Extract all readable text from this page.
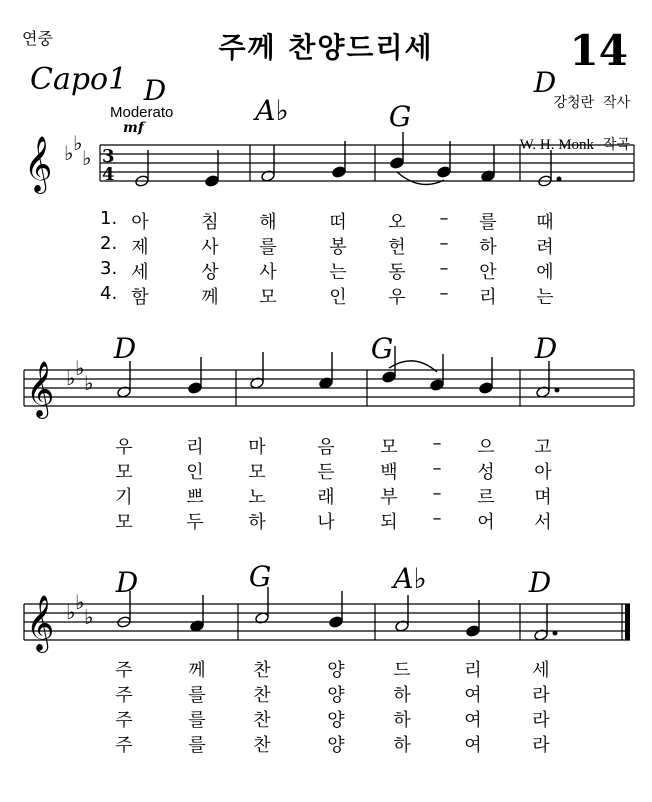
연중	주께 찬양드리세	14
Capo1
Moderato
mf
강청란  작사

W. H. Monk 작곡

D
A♭	G
D
𝄞 ♭ ♭
♭ 3
4
𝄞 ♭ ♭
♭
𝄞 ♭ ♭
♭
1.
2.
3.
4.
아	침 해	떠 오 – 를 때
제	사 를	봉 헌 – 하 려
세	상 사	는 동 – 안 에
함	께 모	인 우 – 리 는
D	G	D
우	리 마	음	모 – 으 고
모	인 모	든	백 – 성 아
기	쁘 노	래	부 – 르 며
모	두 하	나	되 – 어 서
D	G	A♭	D
주	께	찬	양	드	리	세
주	를	찬	양	하	여	라
주	를	찬	양	하	여	라
주	를	찬	양	하	여	라
